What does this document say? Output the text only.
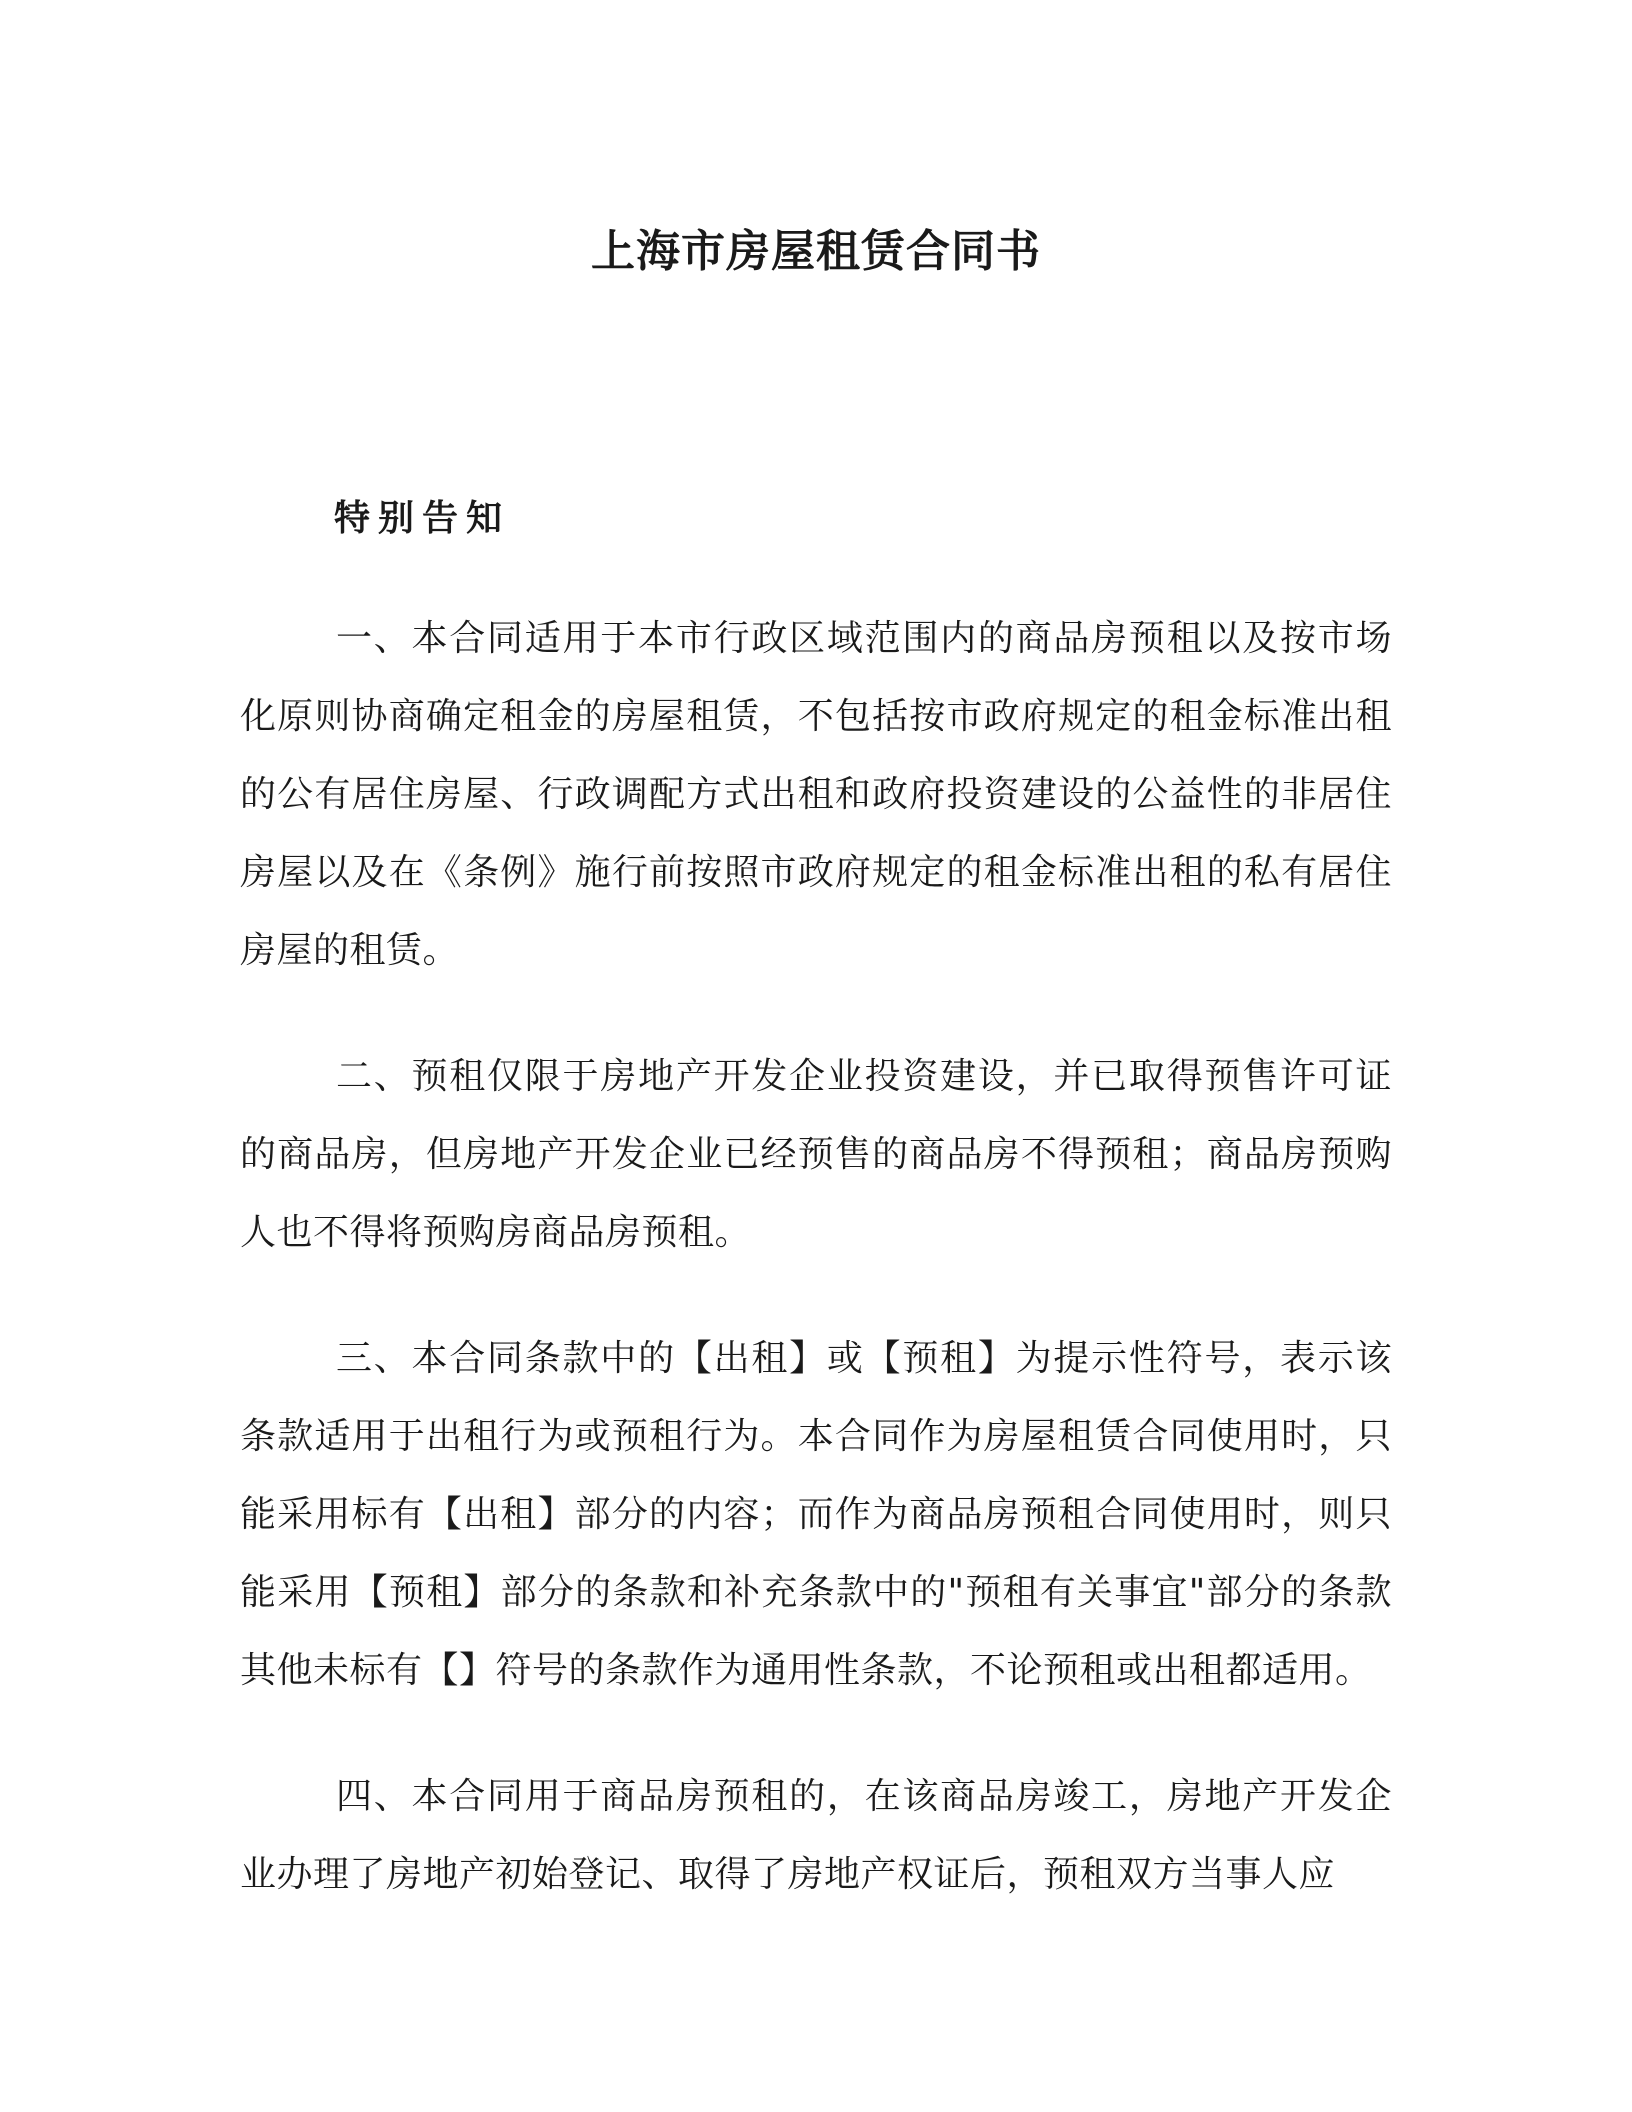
上海市房屋租赁合同书
特别告知

一、本合同适用于本市行政区域范围内的商品房预租以及按市场化原则协商确定租金的房屋租赁，不包括按市政府规定的租金标准出租的公有居住房屋、行政调配方式出租和政府投资建设的公益性的非居住房屋以及在《条例》施行前按照市政府规定的租金标准出租的私有居住房屋的租赁。

二、预租仅限于房地产开发企业投资建设，并已取得预售许可证的商品房，但房地产开发企业已经预售的商品房不得预租；商品房预购人也不得将预购房商品房预租。

三、本合同条款中的【出租】或【预租】为提示性符号，表示该条款适用于出租行为或预租行为。本合同作为房屋租赁合同使用时，只能采用标有【出租】部分的内容；而作为商品房预租合同使用时，则只能采用【预租】部分的条款和补充条款中的"预租有关事宜"部分的条款其他未标有【】符号的条款作为通用性条款，不论预租或出租都适用。

四、本合同用于商品房预租的，在该商品房竣工，房地产开发企业办理了房地产初始登记、取得了房地产权证后，预租双方当事人应
